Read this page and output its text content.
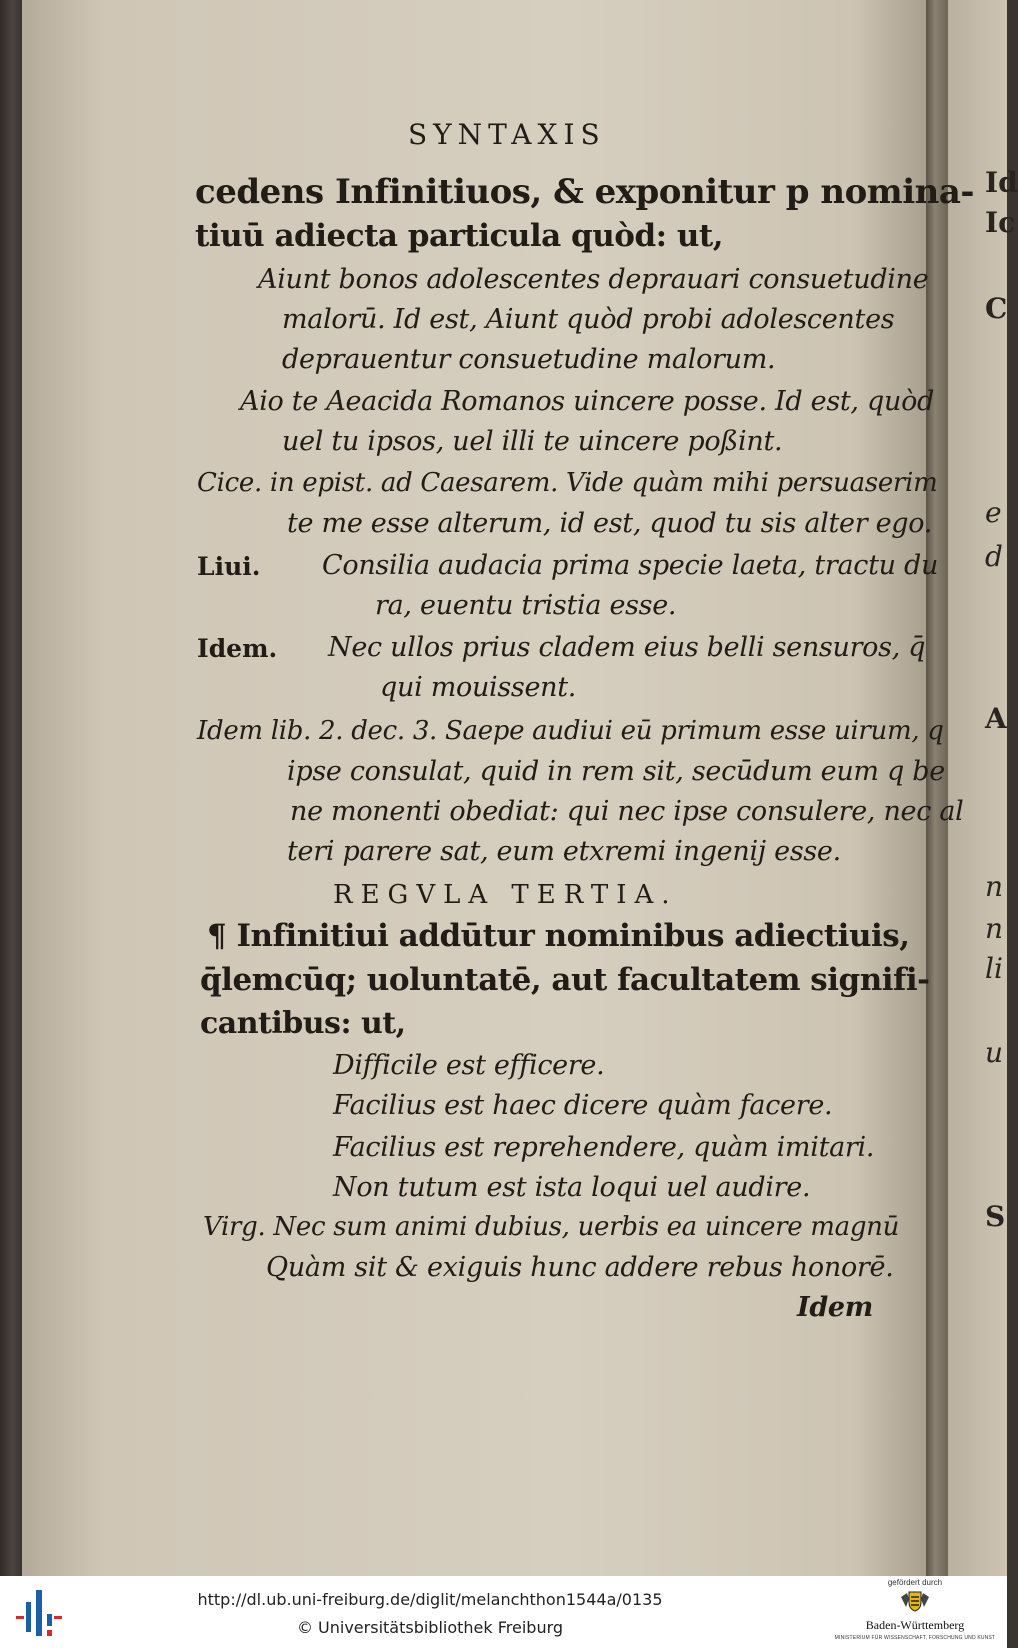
Id
Ic
C
e
d
A
n
n
li
u
S
SYNTAXIS
cedens Infinitiuos, & exponitur p nomina-
tiuū adiecta particula quòd: ut,
Aiunt bonos adolescentes deprauari consuetudine
malorū. Id est, Aiunt quòd probi adolescentes
deprauentur consuetudine malorum.
Aio te Aeacida Romanos uincere posse. Id est, quòd
uel tu ipsos, uel illi te uincere poßint.
Cice. in epist. ad Caesarem. Vide quàm mihi persuaserim
te me esse alterum, id est, quod tu sis alter ego.
Liui. Consilia audacia prima specie laeta, tractu du
ra, euentu tristia esse.
Idem. Nec ullos prius cladem eius belli sensuros, q̄
qui mouissent.
Idem lib. 2. dec. 3. Saepe audiui eū primum esse uirum, q
ipse consulat, quid in rem sit, secūdum eum q be
ne monenti obediat: qui nec ipse consulere, nec al
teri parere sat, eum etxremi ingenij esse.
REGVLA TERTIA.
¶ Infinitiui addūtur nominibus adiectiuis,
q̄lemcūq; uoluntatē, aut facultatem signifi-
cantibus: ut,
Difficile est efficere.
Facilius est haec dicere quàm facere.
Facilius est reprehendere, quàm imitari.
Non tutum est ista loqui uel audire.
Virg. Nec sum animi dubius, uerbis ea uincere magnū
Quàm sit & exiguis hunc addere rebus honorē.
Idem
http://dl.ub.uni-freiburg.de/diglit/melanchthon1544a/0135
© Universitätsbibliothek Freiburg
gefördert durch
Baden-Württemberg
MINISTERIUM FÜR WISSENSCHAFT, FORSCHUNG UND KUNST
